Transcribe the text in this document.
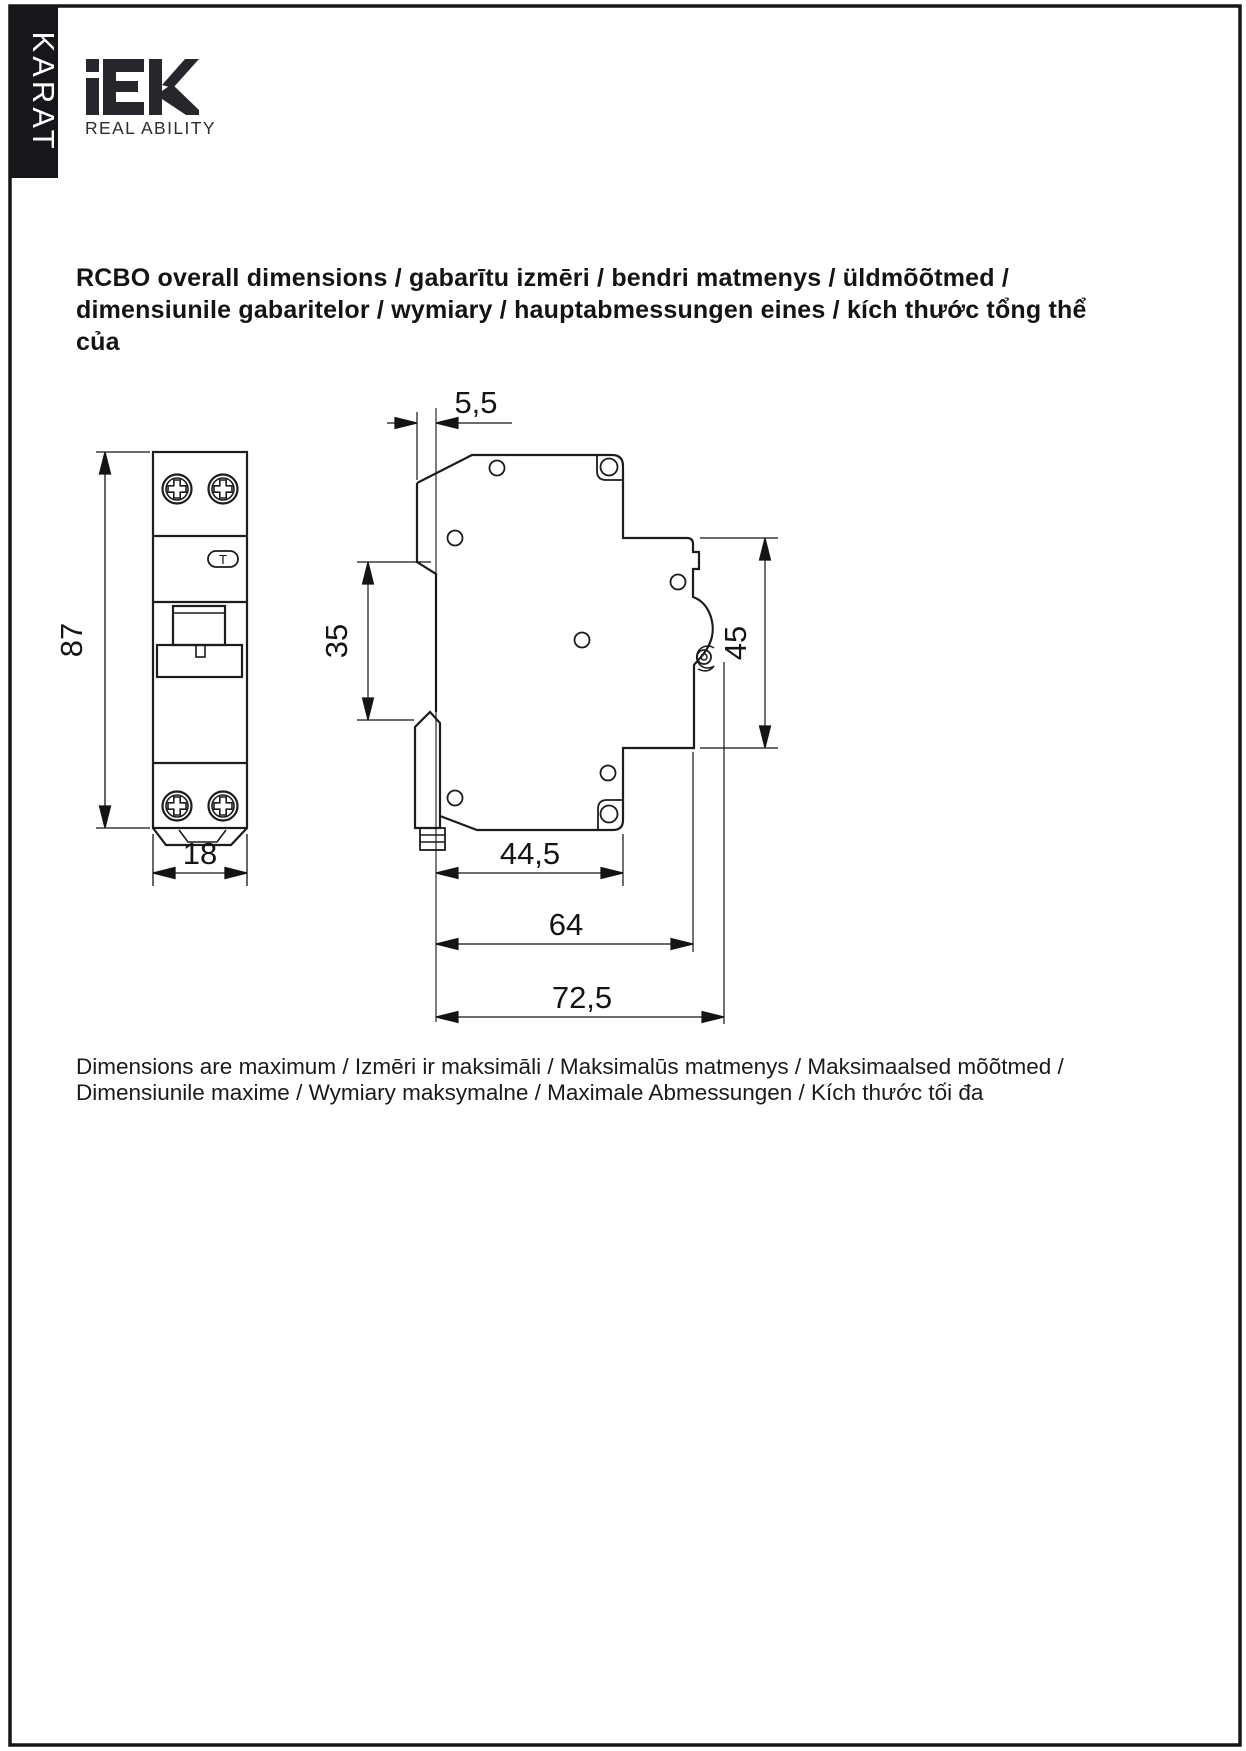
KARAT
T
87
18
5,5
35	45
44,5
64
72,5
REAL ABILITY
RCBO overall dimensions / gabarītu izmēri / bendri matmenys / üldmõõtmed /
dimensiunile gabaritelor / wymiary / hauptabmessungen eines / kích thước tổng thể của
Dimensions are maximum / Izmēri ir maksimāli / Maksimalūs matmenys / Maksimaalsed mõõtmed /
Dimensiunile maxime / Wymiary maksymalne / Maximale Abmessungen / Kích thước tối đa
